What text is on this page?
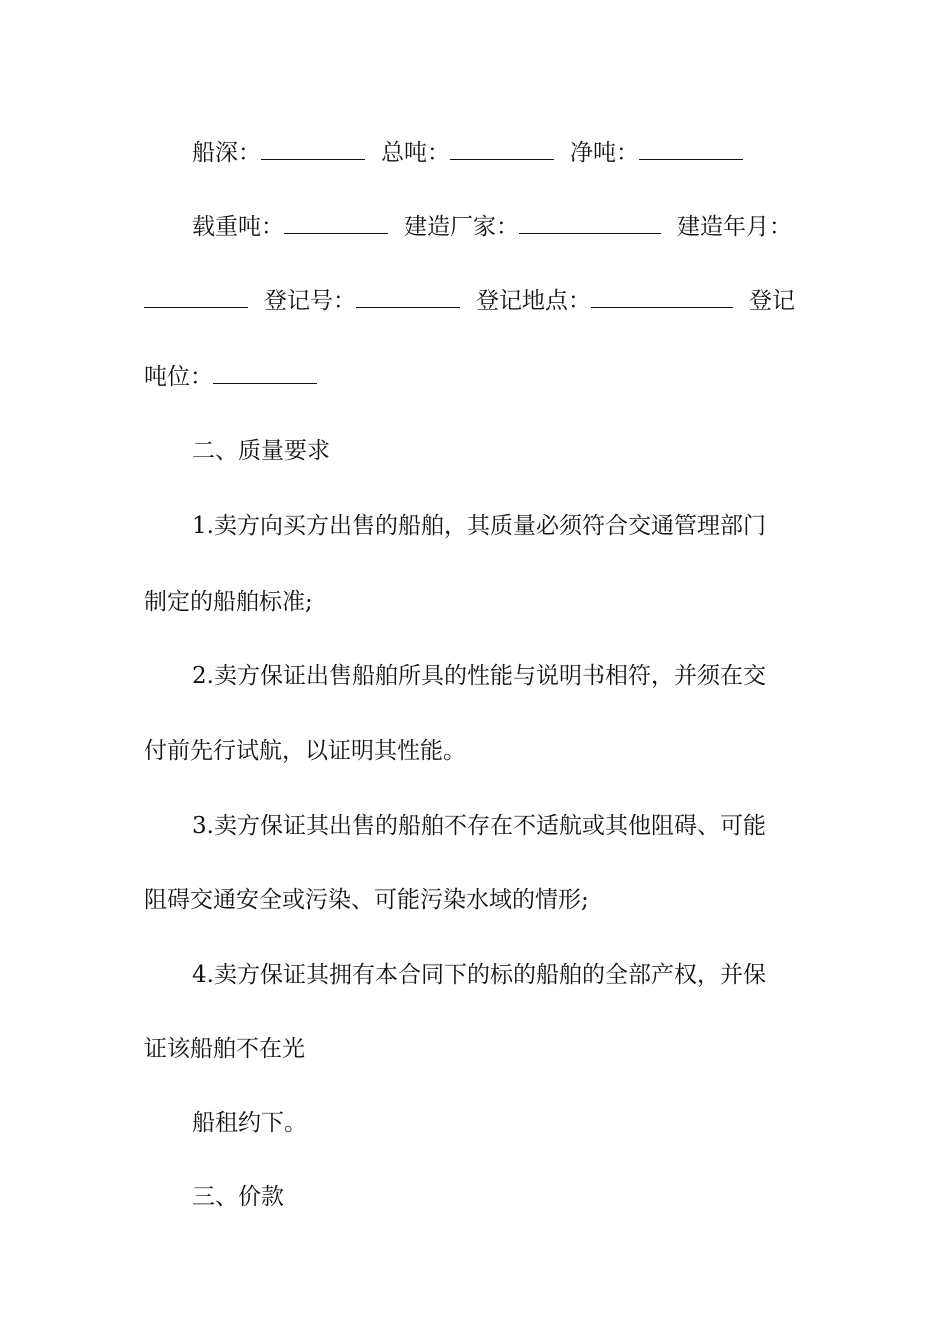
船深：	总吨：	净吨：
载重吨：	建造厂家：	建造年月：
登记号：	登记地点：	登记
吨位：
二、质量要求
1.卖方向买方出售的船舶，其质量必须符合交通管理部门
制定的船舶标准;
2.卖方保证出售船舶所具的性能与说明书相符，并须在交
付前先行试航，以证明其性能。
3.卖方保证其出售的船舶不存在不适航或其他阻碍、可能
阻碍交通安全或污染、可能污染水域的情形;
4.卖方保证其拥有本合同下的标的船舶的全部产权，并保
证该船舶不在光
船租约下。
三、价款
